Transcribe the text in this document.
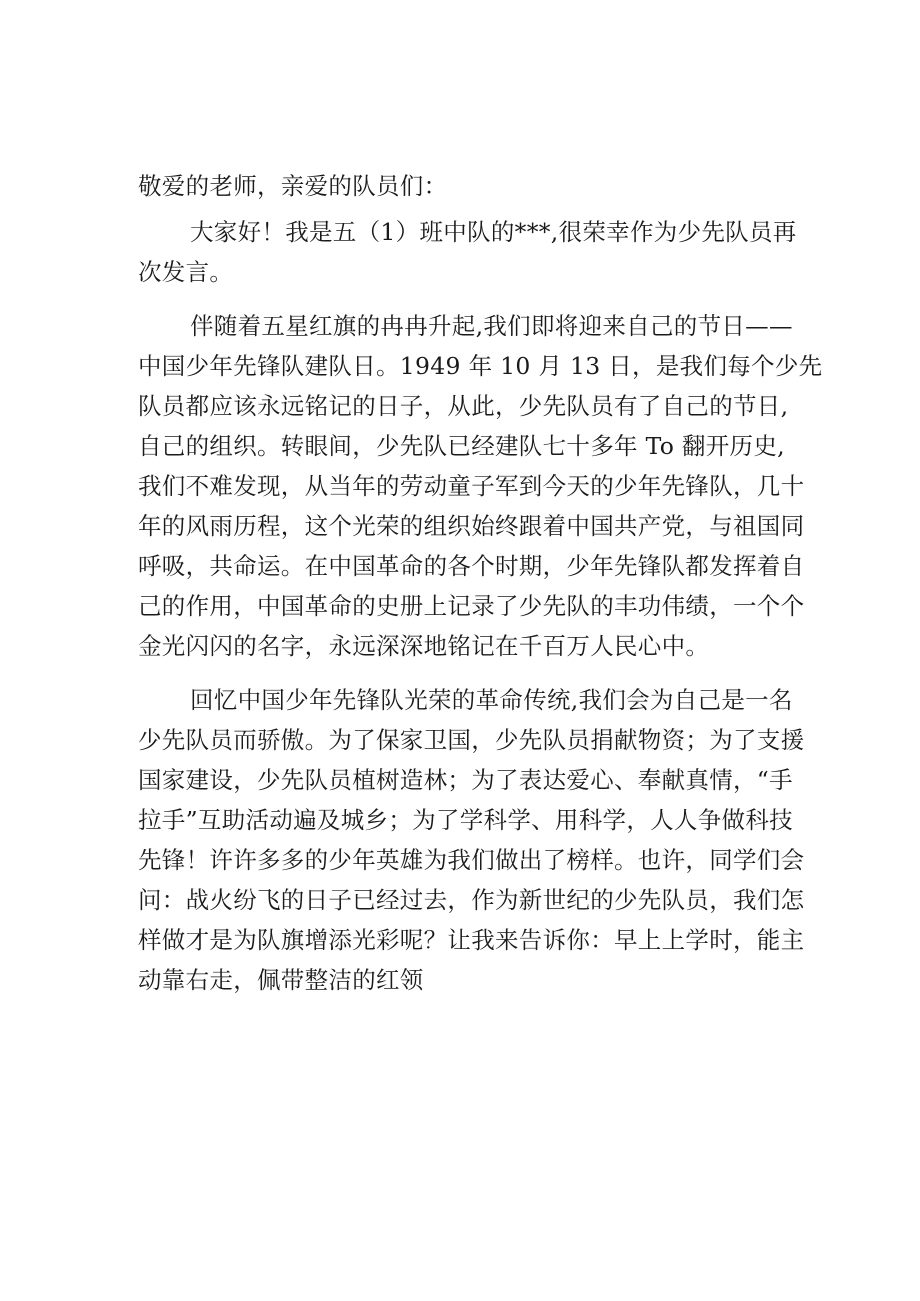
敬爱的老师，亲爱的队员们：
大家好！我是五（1）班中队的***,很荣幸作为少先队员再
次发言。
伴随着五星红旗的冉冉升起,我们即将迎来自己的节日——
中国少年先锋队建队日。1949 年 10 月 13 日，是我们每个少先
队员都应该永远铭记的日子，从此，少先队员有了自己的节日,
自己的组织。转眼间，少先队已经建队七十多年 To 翻开历史,
我们不难发现，从当年的劳动童子军到今天的少年先锋队，几十
年的风雨历程，这个光荣的组织始终跟着中国共产党，与祖国同
呼吸，共命运。在中国革命的各个时期，少年先锋队都发挥着自
己的作用，中国革命的史册上记录了少先队的丰功伟绩，一个个
金光闪闪的名字，永远深深地铭记在千百万人民心中。
回忆中国少年先锋队光荣的革命传统,我们会为自己是一名
少先队员而骄傲。为了保家卫国，少先队员捐献物资；为了支援
国家建设，少先队员植树造林；为了表达爱心、奉献真情，“手
拉手”互助活动遍及城乡；为了学科学、用科学，人人争做科技
先锋！许许多多的少年英雄为我们做出了榜样。也许，同学们会
问：战火纷飞的日子已经过去，作为新世纪的少先队员，我们怎
样做才是为队旗增添光彩呢？让我来告诉你：早上上学时，能主
动靠右走，佩带整洁的红领
